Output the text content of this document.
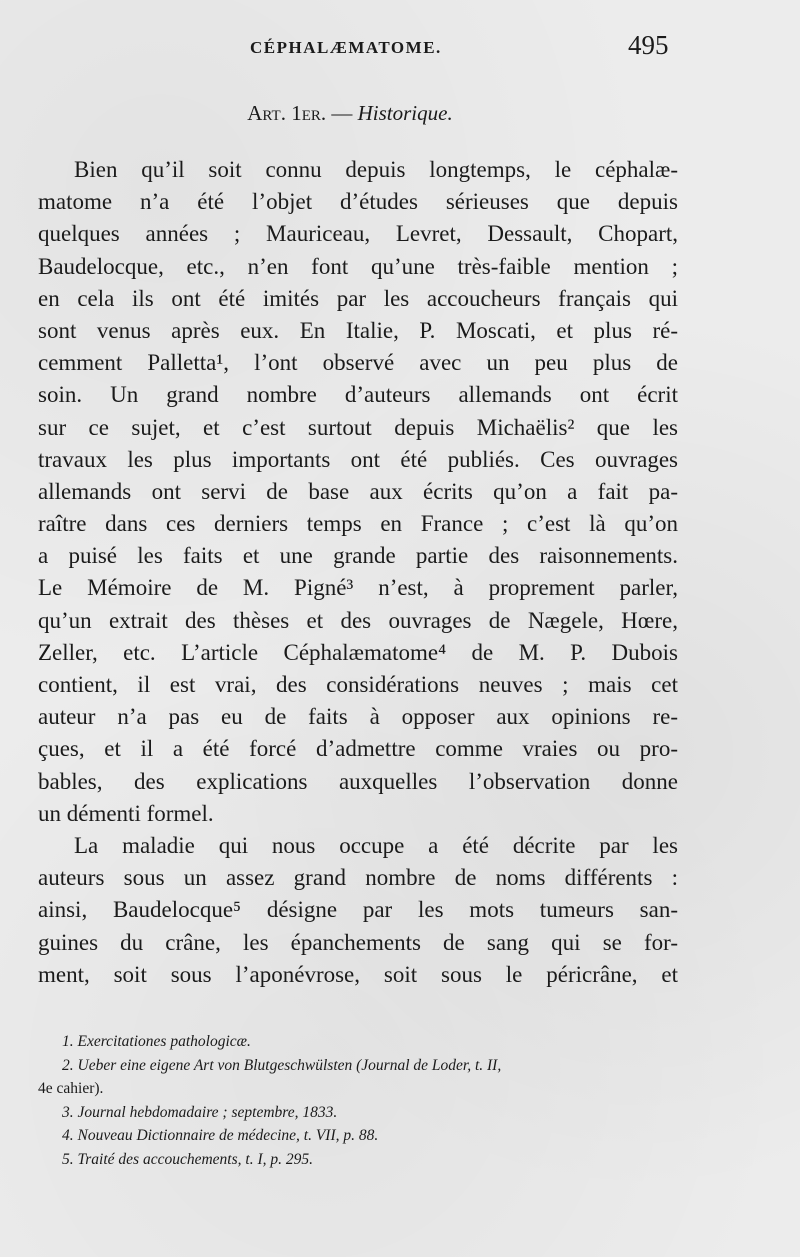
CÉPHALÆMATOME.	495
Art. 1er. — Historique.
Bien qu’il soit connu depuis longtemps, le céphalæ-
matome n’a été l’objet d’études sérieuses que depuis
quelques années ; Mauriceau, Levret, Dessault, Chopart,
Baudelocque, etc., n’en font qu’une très-faible mention ;
en cela ils ont été imités par les accoucheurs français qui
sont venus après eux. En Italie, P. Moscati, et plus ré-
cemment Palletta¹, l’ont observé avec un peu plus de
soin. Un grand nombre d’auteurs allemands ont écrit
sur ce sujet, et c’est surtout depuis Michaëlis² que les
travaux les plus importants ont été publiés. Ces ouvrages
allemands ont servi de base aux écrits qu’on a fait pa-
raître dans ces derniers temps en France ; c’est là qu’on
a puisé les faits et une grande partie des raisonnements.
Le Mémoire de M. Pigné³ n’est, à proprement parler,
qu’un extrait des thèses et des ouvrages de Nægele, Hœre,
Zeller, etc. L’article Céphalæmatome⁴ de M. P. Dubois
contient, il est vrai, des considérations neuves ; mais cet
auteur n’a pas eu de faits à opposer aux opinions re-
çues, et il a été forcé d’admettre comme vraies ou pro-
bables, des explications auxquelles l’observation donne
un démenti formel.
La maladie qui nous occupe a été décrite par les
auteurs sous un assez grand nombre de noms différents :
ainsi, Baudelocque⁵ désigne par les mots tumeurs san-
guines du crâne, les épanchements de sang qui se for-
ment, soit sous l’aponévrose, soit sous le péricrâne, et
1. Exercitationes pathologicæ.
2. Ueber eine eigene Art von Blutgeschwülsten (Journal de Loder, t. II,
4e cahier).
3. Journal hebdomadaire ; septembre, 1833.
4. Nouveau Dictionnaire de médecine, t. VII, p. 88.
5. Traité des accouchements, t. I, p. 295.
